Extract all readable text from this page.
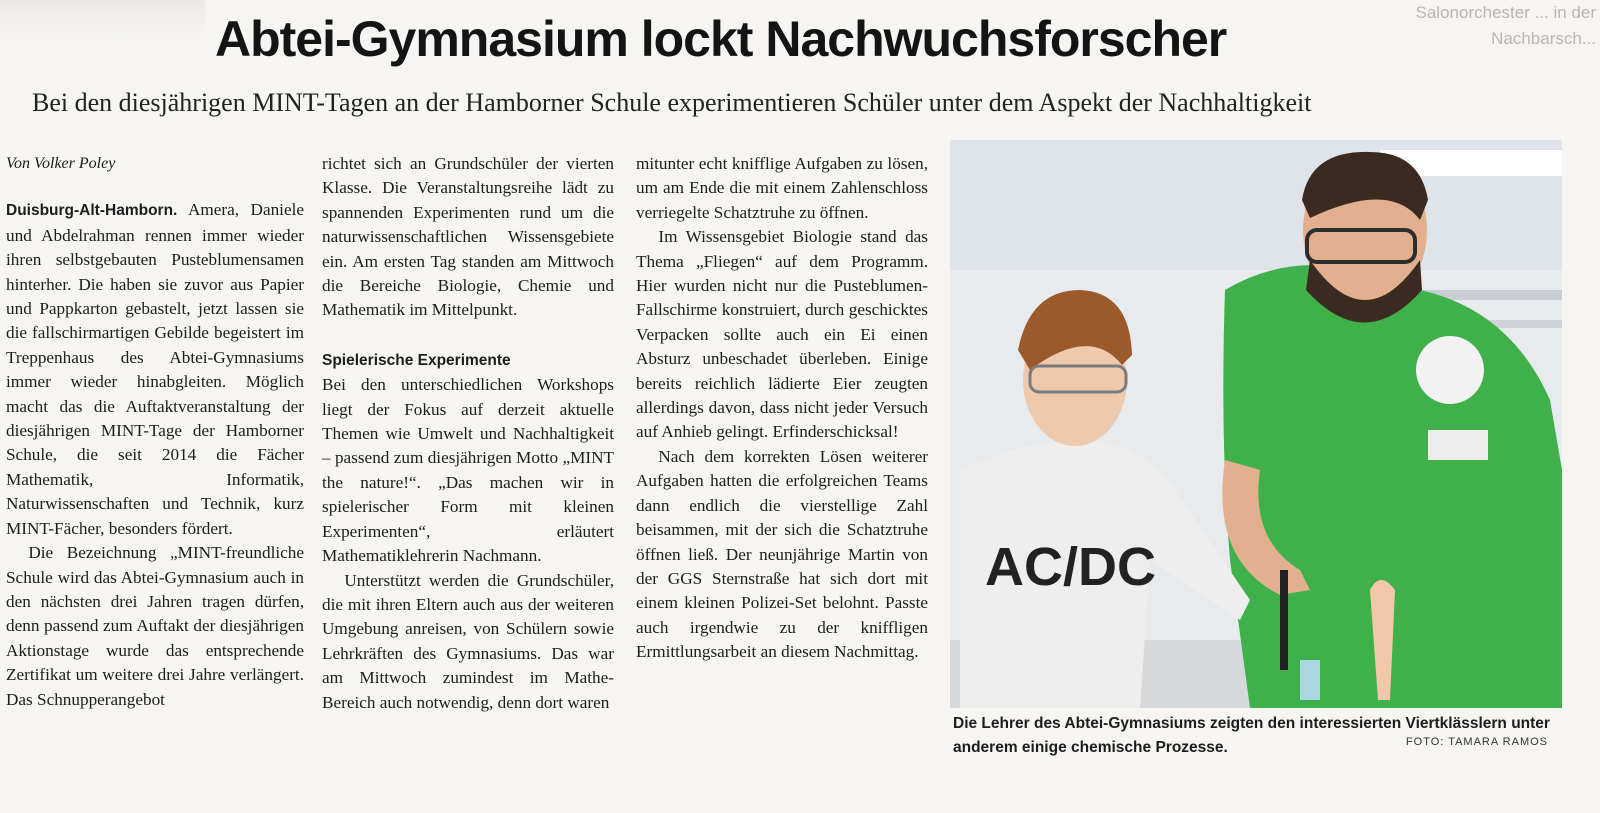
Salonorchester ... in der Nachbarsch...
Abtei-Gymnasium lockt Nachwuchsforscher
Bei den diesjährigen MINT-Tagen an der Hamborner Schule experimentieren Schüler unter dem Aspekt der Nachhaltigkeit

Von Volker Poley

Duisburg-Alt-Hamborn. Amera, Daniele und Abdelrahman rennen immer wieder ihren selbstgebauten Pusteblumensamen hinterher. Die haben sie zuvor aus Papier und Pappkarton gebastelt, jetzt lassen sie die fallschirmartigen Gebilde begeistert im Treppenhaus des Abtei-Gymnasiums immer wieder hinabgleiten. Möglich macht das die Auftaktveranstaltung der diesjährigen MINT-Tage der Hamborner Schule, die seit 2014 die Fächer Mathematik, Informatik, Naturwissenschaften und Technik, kurz MINT-Fächer, besonders fördert.

Die Bezeichnung „MINT-freundliche Schule wird das Abtei-Gymnasium auch in den nächsten drei Jahren tragen dürfen, denn passend zum Auftakt der diesjährigen Aktionstage wurde das entsprechende Zertifikat um weitere drei Jahre verlängert. Das Schnupperangebot

richtet sich an Grundschüler der vierten Klasse. Die Veranstaltungsreihe lädt zu spannenden Experimenten rund um die naturwissenschaftlichen Wissensgebiete ein. Am ersten Tag standen am Mittwoch die Bereiche Biologie, Chemie und Mathematik im Mittelpunkt.

Spielerische Experimente

Bei den unterschiedlichen Workshops liegt der Fokus auf derzeit aktuelle Themen wie Umwelt und Nachhaltigkeit – passend zum diesjährigen Motto „MINT the nature!“. „Das machen wir in spielerischer Form mit kleinen Experimenten“, erläutert Mathematiklehrerin Nachmann.

Unterstützt werden die Grundschüler, die mit ihren Eltern auch aus der weiteren Umgebung anreisen, von Schülern sowie Lehrkräften des Gymnasiums. Das war am Mittwoch zumindest im Mathe-Bereich auch notwendig, denn dort waren

mitunter echt knifflige Aufgaben zu lösen, um am Ende die mit einem Zahlenschloss verriegelte Schatztruhe zu öffnen.

Im Wissensgebiet Biologie stand das Thema „Fliegen“ auf dem Programm. Hier wurden nicht nur die Pusteblumen-Fallschirme konstruiert, durch geschicktes Verpacken sollte auch ein Ei einen Absturz unbeschadet überleben. Einige bereits reichlich lädierte Eier zeugten allerdings davon, dass nicht jeder Versuch auf Anhieb gelingt. Erfinderschicksal!

Nach dem korrekten Lösen weiterer Aufgaben hatten die erfolgreichen Teams dann endlich die vierstellige Zahl beisammen, mit der sich die Schatztruhe öffnen ließ. Der neunjährige Martin von der GGS Sternstraße hat sich dort mit einem kleinen Polizei-Set belohnt. Passte auch irgendwie zu der kniffligen Ermittlungsarbeit an diesem Nachmittag.

AC/DC
Die Lehrer des Abtei-Gymnasiums zeigten den interessierten Viertklässlern unter anderem einige chemische Prozesse.	FOTO: TAMARA RAMOS
